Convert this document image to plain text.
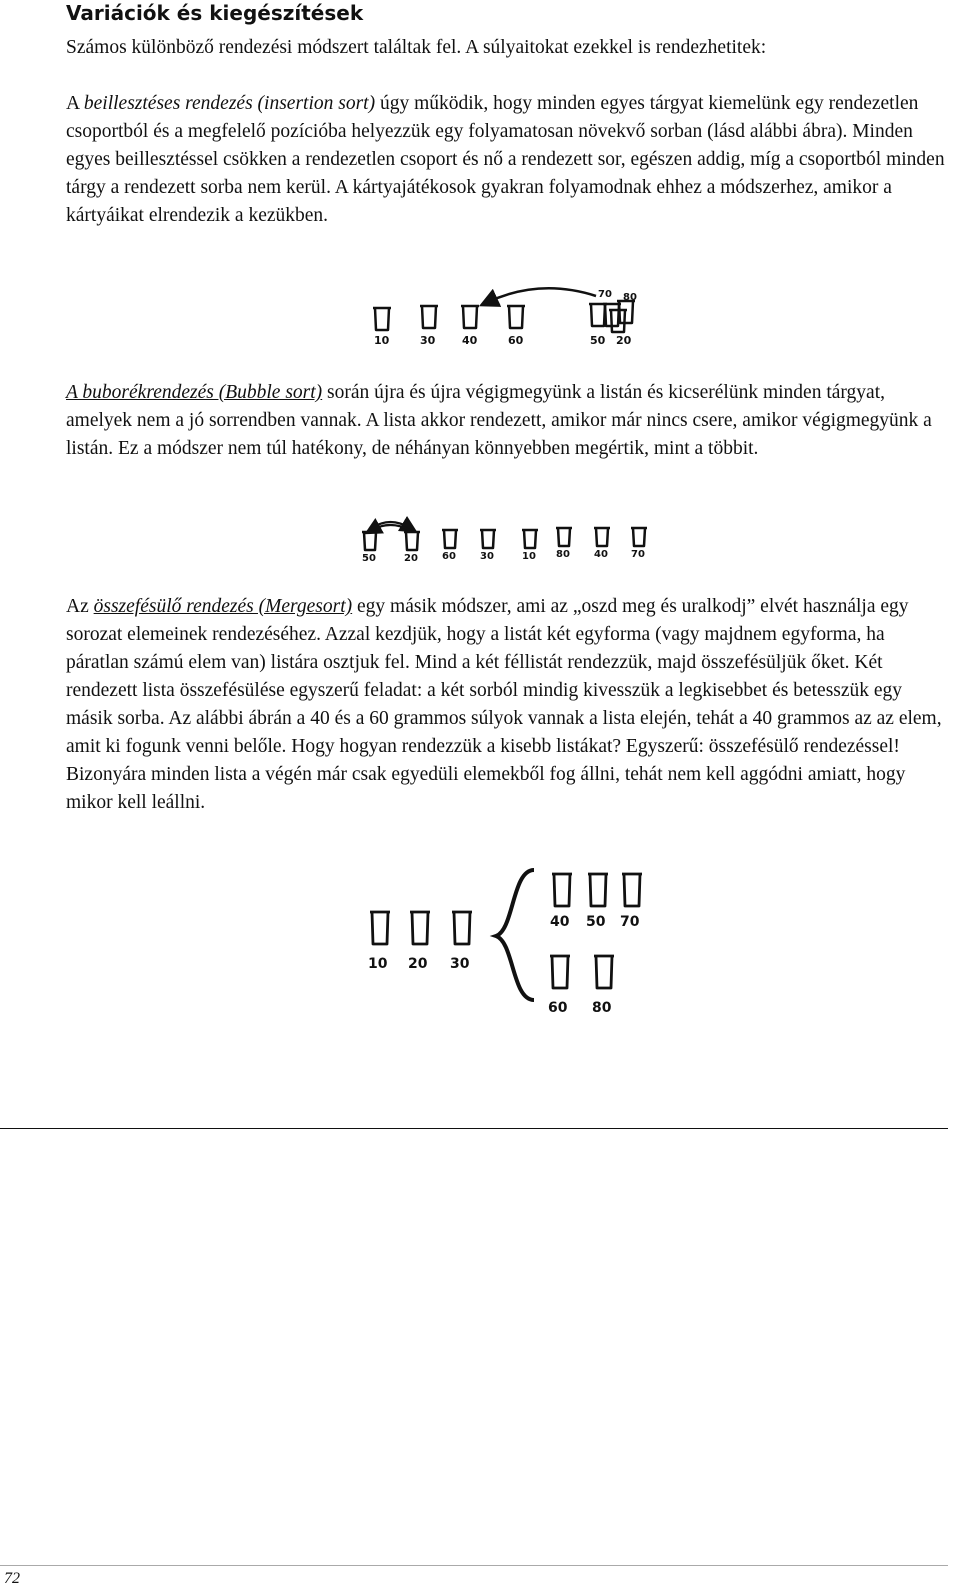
Variációk és kiegészítések

Számos különböző rendezési módszert találtak fel. A súlyaitokat ezekkel is rendezhetitek:

A beillesztéses rendezés (insertion sort) úgy működik, hogy minden egyes tárgyat kiemelünk egy rendezetlen csoportból és a megfelelő pozícióba helyezzük egy folyamatosan növekvő sorban (lásd alábbi ábra). Minden egyes beillesztéssel csökken a rendezetlen csoport és nő a rendezett sor, egészen addig, míg a csoportból minden tárgy a rendezett sorba nem kerül. A kártyajátékosok gyakran folyamodnak ehhez a módszerhez, amikor a kártyáikat elrendezik a kezükben.

10	30 40	60
70 80
50 20

A buborékrendezés (Bubble sort) során újra és újra végigmegyünk a listán és kicserélünk minden tárgyat, amelyek nem a jó sorrendben vannak. A lista akkor rendezett, amikor már nincs csere, amikor végigmegyünk a listán. Ez a módszer nem túl hatékony, de néhányan könnyebben megértik, mint a többit.

50	20 60 30	10 80 40 70

Az összefésülő rendezés (Mergesort) egy másik módszer, ami az „oszd meg és uralkodj” elvét használja egy sorozat elemeinek rendezéséhez. Azzal kezdjük, hogy a listát két egyforma (vagy majdnem egyforma, ha páratlan számú elem van) listára osztjuk fel. Mind a két féllistát rendezzük, majd összefésüljük őket. Két rendezett lista összefésülése egyszerű feladat: a két sorból mindig kivesszük a legkisebbet és betesszük egy másik sorba. Az alábbi ábrán a 40 és a 60 grammos súlyok vannak a lista elején, tehát a 40 grammos az az elem, amit ki fogunk venni belőle. Hogy hogyan rendezzük a kisebb listákat? Egyszerű: összefésülő rendezéssel! Bizonyára minden lista a végén már csak egyedüli elemekből fog állni, tehát nem kell aggódni amiatt, hogy mikor kell leállni.

10 20 30
40 50 70
60 80

72
